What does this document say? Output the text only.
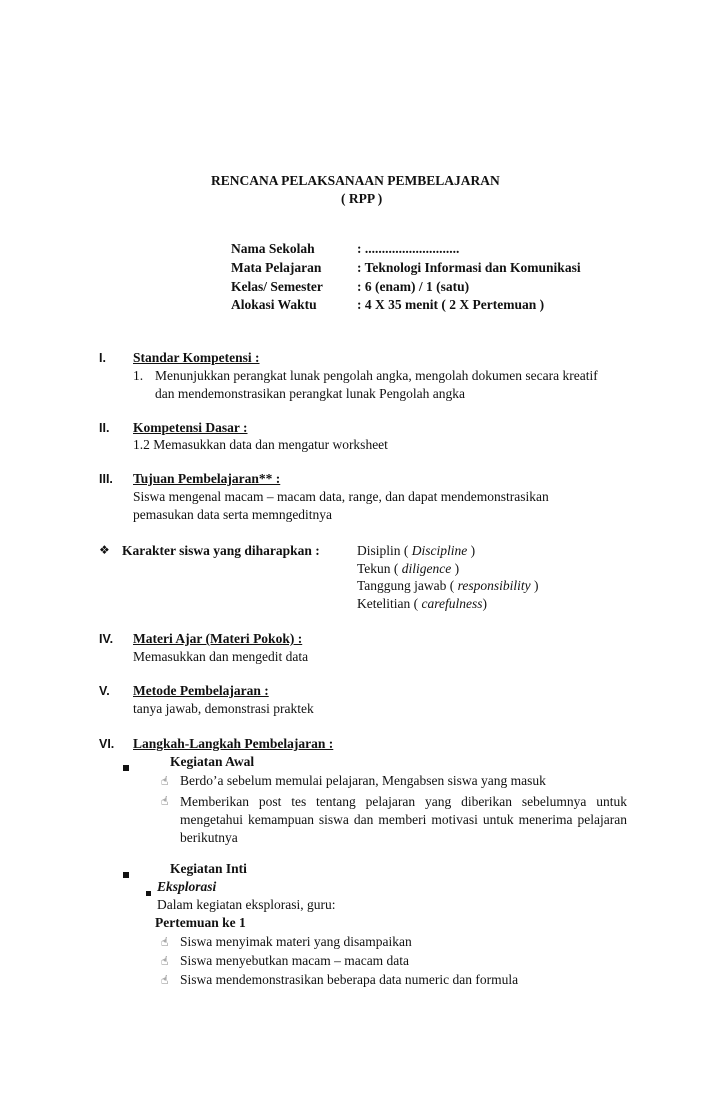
RENCANA PELAKSANAAN PEMBELAJARAN
( RPP )
Nama Sekolah	: ............................
Mata Pelajaran	: Teknologi Informasi dan Komunikasi
Kelas/ Semester	: 6 (enam) / 1 (satu)
Alokasi Waktu	: 4 X 35 menit ( 2 X Pertemuan )
I. Standar Kompetensi :
1. Menunjukkan perangkat lunak pengolah angka, mengolah dokumen secara kreatif
dan mendemonstrasikan perangkat lunak Pengolah angka
II. Kompetensi Dasar :
1.2 Memasukkan data dan mengatur worksheet
III. Tujuan Pembelajaran** :
Siswa mengenal macam – macam data, range, dan dapat mendemonstrasikan
pemasukan data serta memngeditnya
❖ Karakter siswa yang diharapkan :	Disiplin ( Discipline )
Tekun ( diligence )
Tanggung jawab ( responsibility )
Ketelitian ( carefulness)
IV. Materi Ajar (Materi Pokok) :
Memasukkan dan mengedit data
V. Metode Pembelajaran :
tanya jawab, demonstrasi praktek
VI. Langkah-Langkah Pembelajaran :
Kegiatan Awal
☝ Berdo’a sebelum memulai pelajaran, Mengabsen siswa yang masuk
☝ Memberikan post tes tentang pelajaran yang diberikan sebelumnya untuk mengetahui kemampuan siswa dan memberi motivasi untuk menerima pelajaran berikutnya
Kegiatan Inti
Eksplorasi
Dalam kegiatan eksplorasi, guru:
Pertemuan ke 1
☝ Siswa menyimak materi yang disampaikan
☝ Siswa menyebutkan macam – macam data
☝ Siswa mendemonstrasikan beberapa data numeric dan formula
